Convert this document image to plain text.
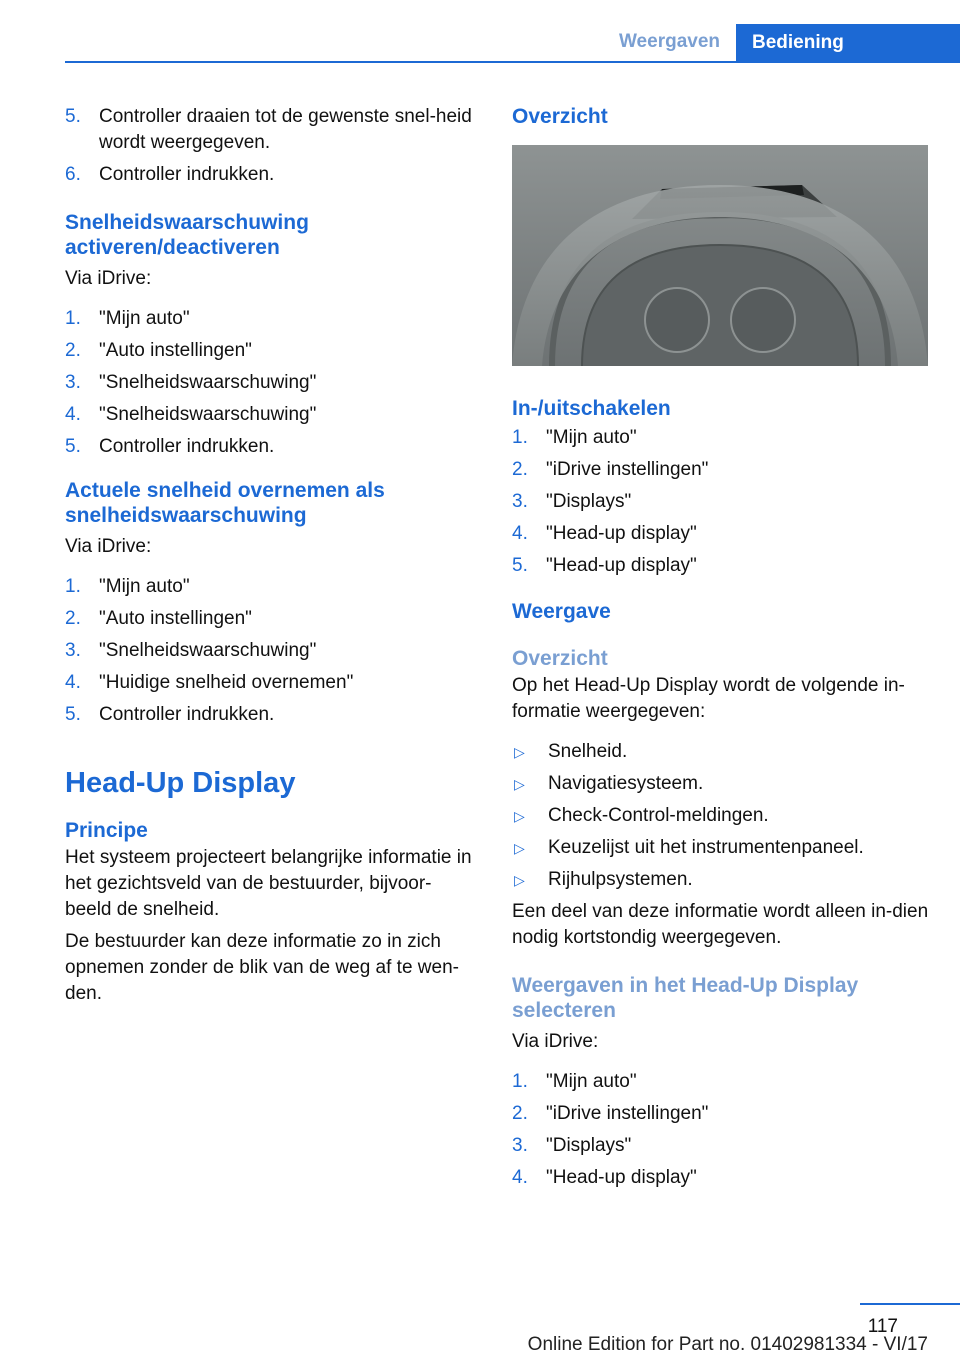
Weergaven	Bediening
5. Controller draaien tot de gewenste snel-heid wordt weergegeven.
6. Controller indrukken.
Snelheidswaarschuwing activeren/deactiveren

Via iDrive:

1. "Mijn auto"
2. "Auto instellingen"
3. "Snelheidswaarschuwing"
4. "Snelheidswaarschuwing"
5. Controller indrukken.
Actuele snelheid overnemen als snelheidswaarschuwing

Via iDrive:

1. "Mijn auto"
2. "Auto instellingen"
3. "Snelheidswaarschuwing"
4. "Huidige snelheid overnemen"
5. Controller indrukken.
Head-Up Display
Principe

Het systeem projecteert belangrijke informatie in het gezichtsveld van de bestuurder, bijvoor-beeld de snelheid.

De bestuurder kan deze informatie zo in zich opnemen zonder de blik van de weg af te wen-den.

Overzicht
In-/uitschakelen
1. "Mijn auto"
2. "iDrive instellingen"
3. "Displays"
4. "Head-up display"
5. "Head-up display"
Weergave
Overzicht

Op het Head-Up Display wordt de volgende in-formatie weergegeven:

▷	Snelheid.
▷	Navigatiesysteem.
▷	Check-Control-meldingen.
▷	Keuzelijst uit het instrumentenpaneel.
▷	Rijhulpsystemen.

Een deel van deze informatie wordt alleen in-dien nodig kortstondig weergegeven.

Weergaven in het Head-Up Display selecteren

Via iDrive:

1. "Mijn auto"
2. "iDrive instellingen"
3. "Displays"
4. "Head-up display"
117
Online Edition for Part no. 01402981334 - VI/17
